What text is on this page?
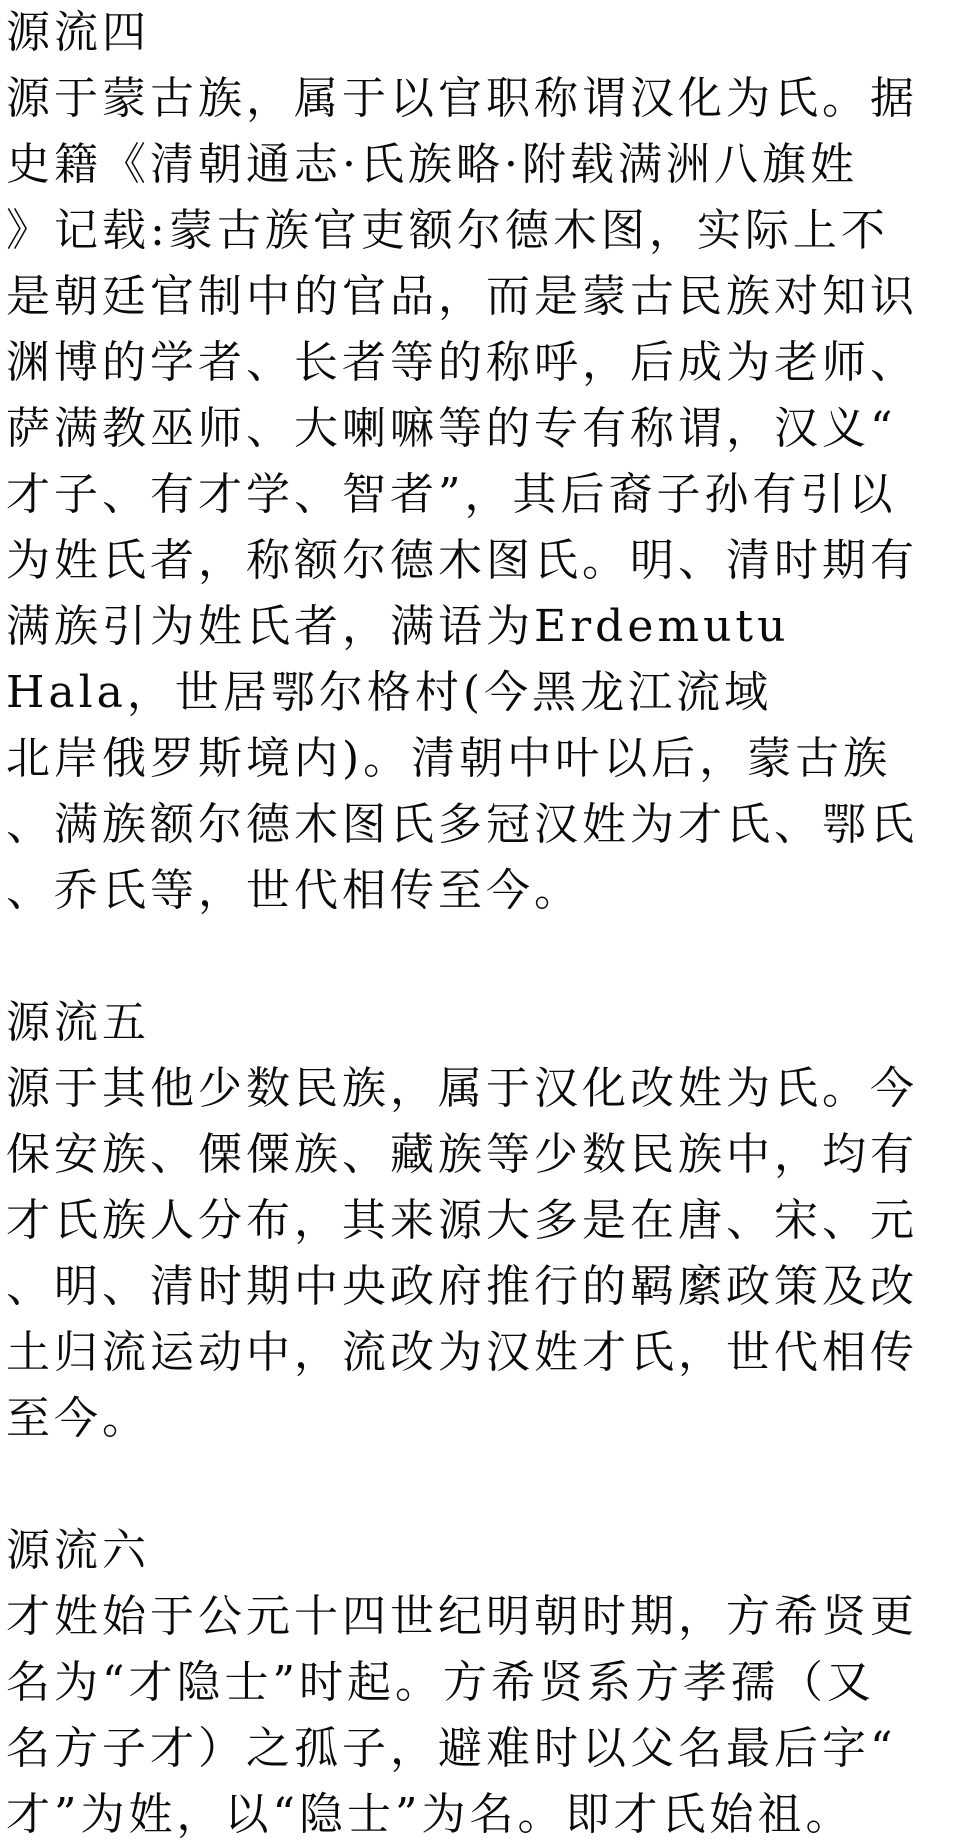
源流四
源于蒙古族，属于以官职称谓汉化为氏。据
史籍《清朝通志·氏族略·附载满洲八旗姓
》记载:蒙古族官吏额尔德木图，实际上不
是朝廷官制中的官品，而是蒙古民族对知识
渊博的学者、长者等的称呼，后成为老师、
萨满教巫师、大喇嘛等的专有称谓，汉义“
才子、有才学、智者”，其后裔子孙有引以
为姓氏者，称额尔德木图氏。明、清时期有
满族引为姓氏者，满语为Erdemutu
Hala，世居鄂尔格村(今黑龙江流域
北岸俄罗斯境内)。清朝中叶以后，蒙古族
、满族额尔德木图氏多冠汉姓为才氏、鄂氏
、乔氏等，世代相传至今。
源流五
源于其他少数民族，属于汉化改姓为氏。今
保安族、傈僳族、藏族等少数民族中，均有
才氏族人分布，其来源大多是在唐、宋、元
、明、清时期中央政府推行的羁縻政策及改
土归流运动中，流改为汉姓才氏，世代相传
至今。
源流六
才姓始于公元十四世纪明朝时期，方希贤更
名为“才隐士”时起。方希贤系方孝孺（又
名方子才）之孤子，避难时以父名最后字“
才”为姓，以“隐士”为名。即才氏始祖。
